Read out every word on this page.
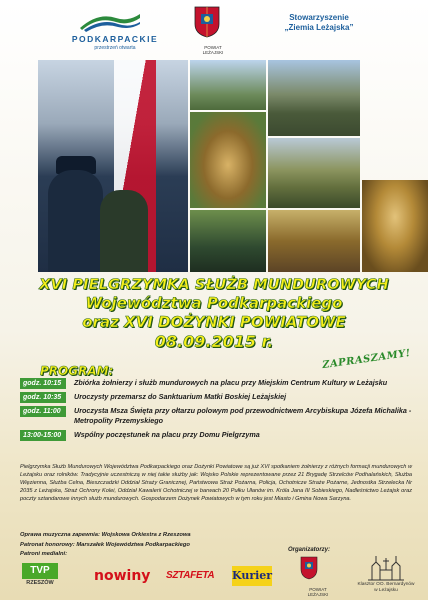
PODKARPACKIE
przestrzeń otwarta	POWIAT LEŻAJSKI
Stowarzyszenie
„Ziemia Leżajska”
XVI PIELGRZYMKA SŁUŻB MUNDUROWYCH
Województwa Podkarpackiego
oraz XVI DOŻYNKI POWIATOWE
08.09.2015 r.
ZAPRASZAMY!
PROGRAM:
godz. 10:15	Zbiórka żołnierzy i służb mundurowych na placu przy Miejskim Centrum Kultury w Leżajsku
godz. 10:35	Uroczysty przemarsz do Sanktuarium Matki Boskiej Leżajskiej
godz. 11:00	Uroczysta Msza Święta przy ołtarzu polowym pod przewodnictwem Arcybiskupa Józefa Michalika - Metropolity Przemyskiego
13:00-15:00	Wspólny poczęstunek na placu przy Domu Pielgrzyma
Pielgrzymka Służb Mundurowych Województwa Podkarpackiego oraz Dożynki Powiatowe są już XVI spotkaniem żołnierzy z różnych formacji mundurowych w Leżajsku oraz rolników. Tradycyjnie uczestniczą w niej takie służby jak: Wojsko Polskie reprezentowane przez 21 Brygadę Strzelców Podhalańskich, Służba Więzienna, Służba Celna, Bieszczadzki Oddział Straży Granicznej, Państwowa Straż Pożarna, Policja, Ochotnicze Straże Pożarne, Jednostka Strzelecka Nr 2035 z Leżajska, Straż Ochrony Kolei, Oddział Kawalerii Ochotniczej w barwach 20 Pułku Ułanów im. Króla Jana III Sobieskiego, Nadleśnictwo Leżajsk oraz poczty sztandarowe innych służb mundurowych. Gospodarzem Dożynek Powiatowych w tym roku jest Miasto i Gmina Nowa Sarzyna.
Oprawa muzyczna zapewnia: Wojskowa Orkiestra z Rzeszowa
Patronat honorowy: Marszałek Województwa Podkarpackiego
Patroni medialni:
Organizatorzy:
TVP
RZESZÓW	nowiny	SZTAFETA	Kurier
POWIAT LEŻAJSKI
Klasztor OO. Bernardynów
w Leżajsku
